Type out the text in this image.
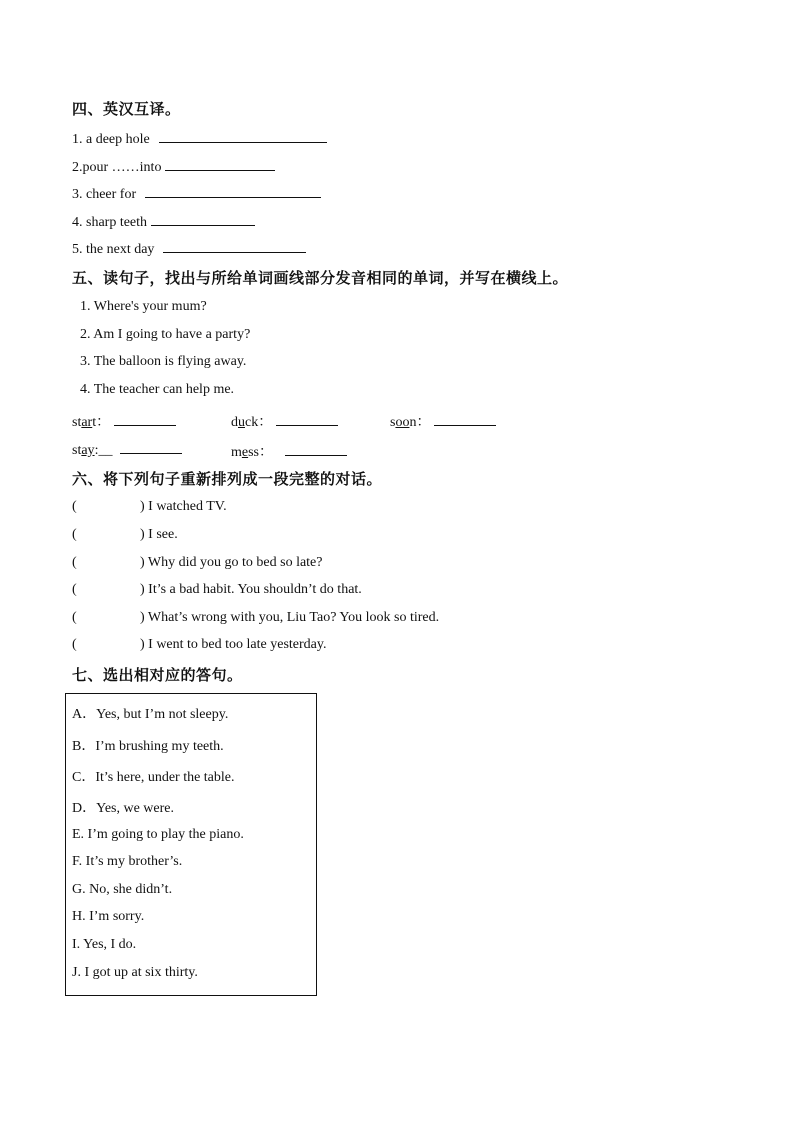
四、英汉互译。
1. a deep hole
2.pour ……into
3. cheer for
4. sharp teeth
5. the next day
五、读句子，找出与所给单词画线部分发音相同的单词，并写在横线上。
1. Where's your mum?
2. Am I going to have a party?
3. The balloon is flying away.
4. The teacher can help me.
start：	duck：	soon：
stay:__	mess：
六、将下列句子重新排列成一段完整的对话。
(	) I watched TV.
(	) I see.
(	) Why did you go to bed so late?
(	) It’s a bad habit. You shouldn’t do that.
(	) What’s wrong with you, Liu Tao? You look so tired.
(	) I went to bed too late yesterday.
七、选出相对应的答句。
A．Yes, but I’m not sleepy.
B．I’m brushing my teeth.
C．It’s here, under the table.
D．Yes, we were.
E. I’m going to play the piano.
F. It’s my brother’s.
G. No, she didn’t.
H. I’m sorry.
I. Yes, I do.
J. I got up at six thirty.
